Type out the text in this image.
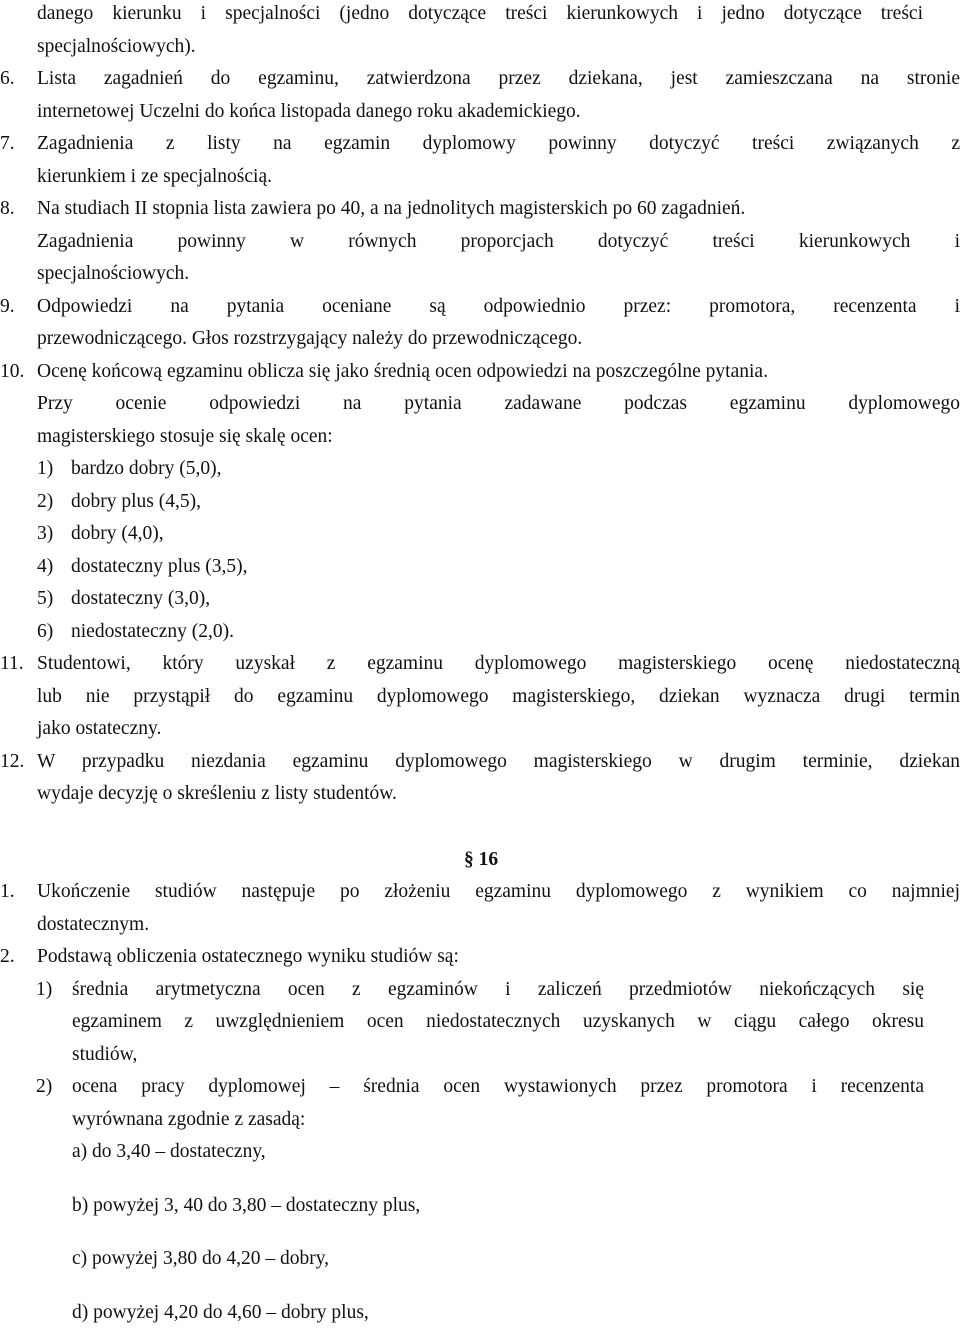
danego kierunku i specjalności (jedno dotyczące treści kierunkowych i jedno dotyczące treści
specjalnościowych).
6.	Lista zagadnień do egzaminu, zatwierdzona przez dziekana, jest zamieszczana na stronie
internetowej Uczelni do końca listopada danego roku akademickiego.
7.	Zagadnienia z listy na egzamin dyplomowy powinny dotyczyć treści związanych z
kierunkiem i ze specjalnością.
8.	Na studiach II stopnia lista zawiera po 40, a na jednolitych magisterskich po 60 zagadnień.
Zagadnienia powinny w równych proporcjach dotyczyć treści kierunkowych i
specjalnościowych.
9.	Odpowiedzi na pytania oceniane są odpowiednio przez: promotora, recenzenta i
przewodniczącego. Głos rozstrzygający należy do przewodniczącego.
10. Ocenę końcową egzaminu oblicza się jako średnią ocen odpowiedzi na poszczególne pytania.
Przy ocenie odpowiedzi na pytania zadawane podczas egzaminu dyplomowego
magisterskiego stosuje się skalę ocen:
1) bardzo dobry (5,0),
2) dobry plus (4,5),
3) dobry (4,0),
4) dostateczny plus (3,5),
5) dostateczny (3,0),
6) niedostateczny (2,0).
11. Studentowi, który uzyskał z egzaminu dyplomowego magisterskiego ocenę niedostateczną
lub nie przystąpił do egzaminu dyplomowego magisterskiego, dziekan wyznacza drugi termin
jako ostateczny.
12. W przypadku niezdania egzaminu dyplomowego magisterskiego w drugim terminie, dziekan
wydaje decyzję o skreśleniu z listy studentów.
§ 16
1.	Ukończenie studiów następuje po złożeniu egzaminu dyplomowego z wynikiem co najmniej
dostatecznym.
2.	Podstawą obliczenia ostatecznego wyniku studiów są:
1)	średnia arytmetyczna ocen z egzaminów i zaliczeń przedmiotów niekończących się
egzaminem z uwzględnieniem ocen niedostatecznych uzyskanych w ciągu całego okresu
studiów,
2)	ocena pracy dyplomowej – średnia ocen wystawionych przez promotora i recenzenta
wyrównana zgodnie z zasadą:
a) do 3,40 – dostateczny,
b) powyżej 3, 40 do 3,80 – dostateczny plus,
c) powyżej 3,80 do 4,20 – dobry,
d) powyżej 4,20 do 4,60 – dobry plus,
